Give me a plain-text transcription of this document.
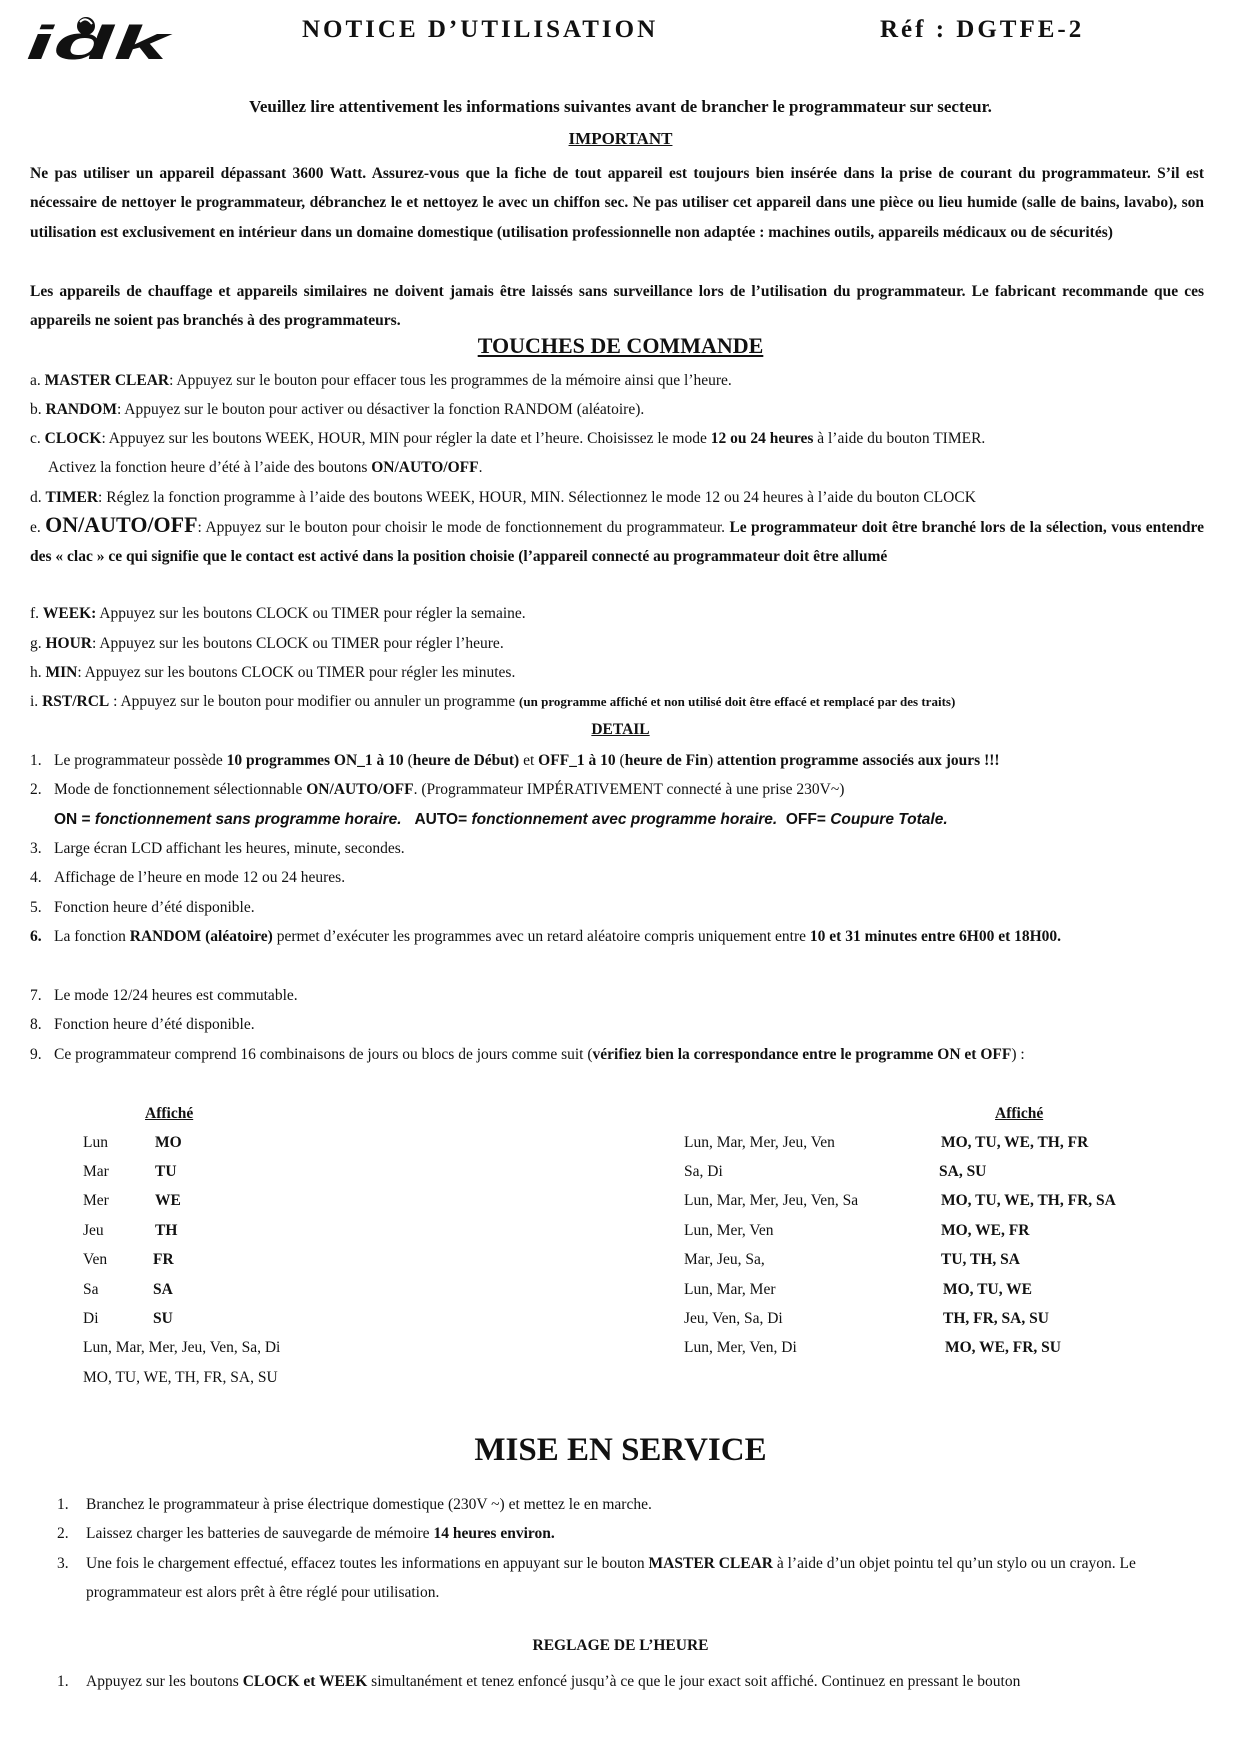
idk	NOTICE D’UTILISATION	Réf : DGTFE-2
Veuillez lire attentivement les informations suivantes avant de brancher le programmateur sur secteur.
IMPORTANT
Ne pas utiliser un appareil dépassant 3600 Watt. Assurez-vous que la fiche de tout appareil est toujours bien insérée dans la prise de courant du programmateur. S’il est nécessaire de nettoyer le programmateur, débranchez le et nettoyez le avec un chiffon sec. Ne pas utiliser cet appareil dans une pièce ou lieu humide (salle de bains, lavabo), son utilisation est exclusivement en intérieur dans un domaine domestique (utilisation professionnelle non adaptée : machines outils, appareils médicaux ou de sécurités)
Les appareils de chauffage et appareils similaires ne doivent jamais être laissés sans surveillance lors de l’utilisation du programmateur. Le fabricant recommande que ces appareils ne soient pas branchés à des programmateurs.
TOUCHES DE COMMANDE
a. MASTER CLEAR: Appuyez sur le bouton pour effacer tous les programmes de la mémoire ainsi que l’heure.
b. RANDOM: Appuyez sur le bouton pour activer ou désactiver la fonction RANDOM (aléatoire).
c. CLOCK: Appuyez sur les boutons WEEK, HOUR, MIN pour régler la date et l’heure. Choisissez le mode 12 ou 24 heures à l’aide du bouton TIMER.
Activez la fonction heure d’été à l’aide des boutons ON/AUTO/OFF.
d. TIMER: Réglez la fonction programme à l’aide des boutons WEEK, HOUR, MIN. Sélectionnez le mode 12 ou 24 heures à l’aide du bouton CLOCK
e. ON/AUTO/OFF: Appuyez sur le bouton pour choisir le mode de fonctionnement du programmateur. Le programmateur doit être branché lors de la sélection, vous entendre des « clac » ce qui signifie que le contact est activé dans la position choisie (l’appareil connecté au programmateur doit être allumé
f. WEEK: Appuyez sur les boutons CLOCK ou TIMER pour régler la semaine.
g. HOUR: Appuyez sur les boutons CLOCK ou TIMER pour régler l’heure.
h. MIN: Appuyez sur les boutons CLOCK ou TIMER pour régler les minutes.
i. RST/RCL : Appuyez sur le bouton pour modifier ou annuler un programme (un programme affiché et non utilisé doit être effacé et remplacé par des traits)
DETAIL
1. Le programmateur possède 10 programmes ON_1 à 10 (heure de Début) et OFF_1 à 10 (heure de Fin) attention programme associés aux jours !!!
2. Mode de fonctionnement sélectionnable ON/AUTO/OFF. (Programmateur IMPÉRATIVEMENT connecté à une prise 230V~)
ON = fonctionnement sans programme horaire. AUTO= fonctionnement avec programme horaire. OFF= Coupure Totale.
3. Large écran LCD affichant les heures, minute, secondes.
4. Affichage de l’heure en mode 12 ou 24 heures.
5. Fonction heure d’été disponible.
6. La fonction RANDOM (aléatoire) permet d’exécuter les programmes avec un retard aléatoire compris uniquement entre 10 et 31 minutes entre 6H00 et 18H00.
7. Le mode 12/24 heures est commutable.
8. Fonction heure d’été disponible.
9. Ce programmateur comprend 16 combinaisons de jours ou blocs de jours comme suit (vérifiez bien la correspondance entre le programme ON et OFF) :
Affiché	Affiché
Lun	MO
Mar	TU
Mer	WE
Jeu	TH
Ven	FR
Sa	SA
Di	SU
Lun, Mar, Mer, Jeu, Ven, Sa, Di
MO, TU, WE, TH, FR, SA, SU
Lun, Mar, Mer, Jeu, Ven	MO, TU, WE, TH, FR
Sa, Di	SA, SU
Lun, Mar, Mer, Jeu, Ven, Sa	MO, TU, WE, TH, FR, SA
Lun, Mer, Ven	MO, WE, FR
Mar, Jeu, Sa,	TU, TH, SA
Lun, Mar, Mer	MO, TU, WE
Jeu, Ven, Sa, Di	TH, FR, SA, SU
Lun, Mer, Ven, Di	MO, WE, FR, SU
MISE EN SERVICE
1. Branchez le programmateur à prise électrique domestique (230V ~) et mettez le en marche.
2. Laissez charger les batteries de sauvegarde de mémoire 14 heures environ.
3. Une fois le chargement effectué, effacez toutes les informations en appuyant sur le bouton MASTER CLEAR à l’aide d’un objet pointu tel qu’un stylo ou un crayon. Le programmateur est alors prêt à être réglé pour utilisation.
REGLAGE DE L’HEURE
1. Appuyez sur les boutons CLOCK et WEEK simultanément et tenez enfoncé jusqu’à ce que le jour exact soit affiché. Continuez en pressant le bouton
